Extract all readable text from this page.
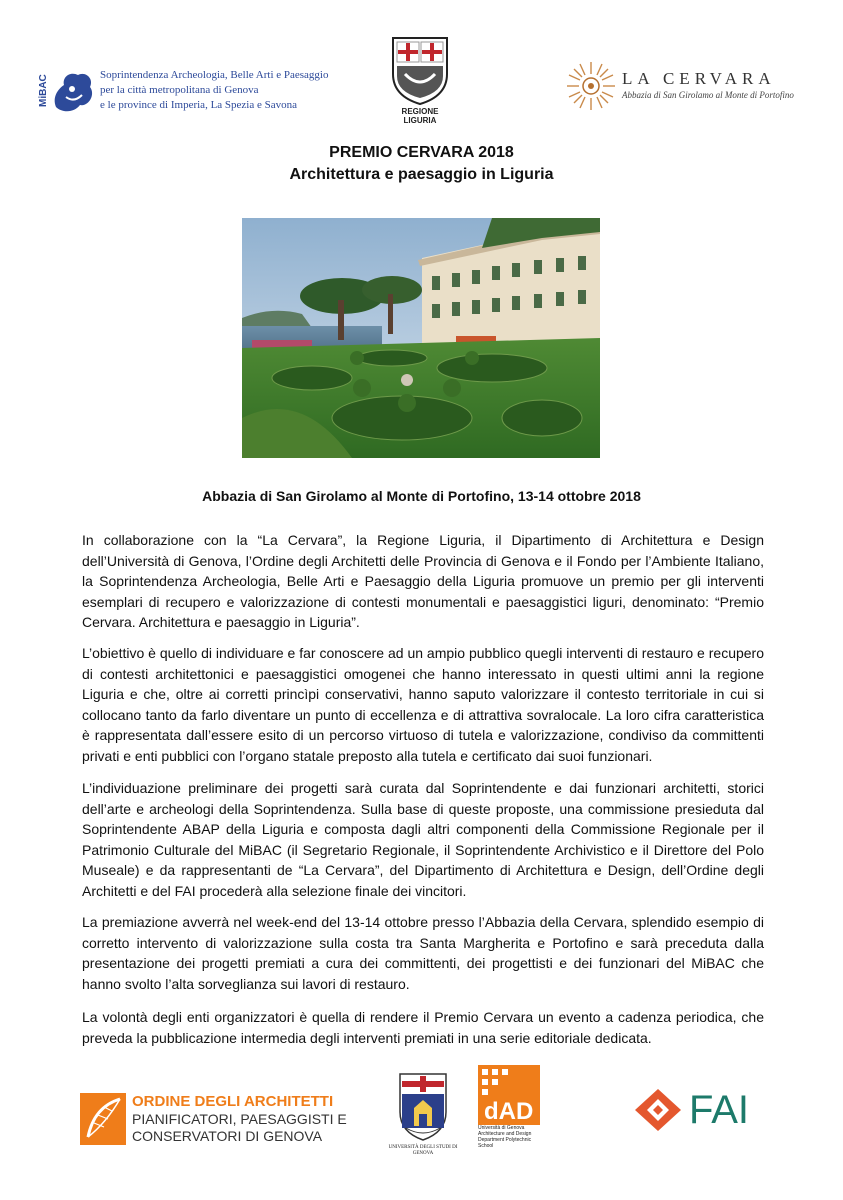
MiBAC	Soprintendenza Archeologia, Belle Arti e Paesaggio
per la città metropolitana di Genova
e le province di Imperia, La Spezia e Savona
REGIONE LIGURIA
LA CERVARA
Abbazia di San Girolamo al Monte di Portofino
PREMIO CERVARA 2018
Architettura e paesaggio in Liguria
Abbazia di San Girolamo al Monte di Portofino, 13-14 ottobre 2018
In collaborazione con la “La Cervara”, la Regione Liguria, il Dipartimento di Architettura e Design dell’Università di Genova, l’Ordine degli Architetti delle Provincia di Genova e il Fondo per l’Ambiente Italiano, la Soprintendenza Archeologia, Belle Arti e Paesaggio della Liguria promuove un premio per gli interventi esemplari di recupero e valorizzazione di contesti monumentali e paesaggistici liguri, denominato: “Premio Cervara. Architettura e paesaggio in Liguria”.
L’obiettivo è quello di individuare e far conoscere ad un ampio pubblico quegli interventi di restauro e recupero di contesti architettonici e paesaggistici omogenei che hanno interessato in questi ultimi anni la regione Liguria e che, oltre ai corretti princìpi conservativi, hanno saputo valorizzare il contesto territoriale in cui si collocano tanto da farlo diventare un punto di eccellenza e di attrattiva sovralocale. La loro cifra caratteristica è rappresentata dall’essere esito di un percorso virtuoso di tutela e valorizzazione, condiviso da committenti privati e enti pubblici con l’organo statale preposto alla tutela e certificato dai suoi funzionari.
L’individuazione preliminare dei progetti sarà curata dal Soprintendente e dai funzionari architetti, storici dell’arte e archeologi della Soprintendenza. Sulla base di queste proposte, una commissione presieduta dal Soprintendente ABAP della Liguria e composta dagli altri componenti della Commissione Regionale per il Patrimonio Culturale del MiBAC (il Segretario Regionale, il Soprintendente Archivistico e il Direttore del Polo Museale) e da rappresentanti de “La Cervara”, del Dipartimento di Architettura e Design, dell’Ordine degli Architetti e del FAI procederà alla selezione finale dei vincitori.
La premiazione avverrà nel week-end del 13-14 ottobre presso l’Abbazia della Cervara, splendido esempio di corretto intervento di valorizzazione sulla costa tra Santa Margherita e Portofino e sarà preceduta dalla presentazione dei progetti premiati a cura dei committenti, dei progettisti e dei funzionari del MiBAC che hanno svolto l’alta sorveglianza sui lavori di restauro.
La volontà degli enti organizzatori è quella di rendere il Premio Cervara un evento a cadenza periodica, che preveda la pubblicazione intermedia degli interventi premiati in una serie editoriale dedicata.
ORDINE DEGLI ARCHITETTI
PIANIFICATORI, PAESAGGISTI E
CONSERVATORI DI GENOVA
UNIVERSITÀ DEGLI STUDI DI GENOVA
dAD
Università di Genova Architecture and Design Department Polytechnic School
FAI
